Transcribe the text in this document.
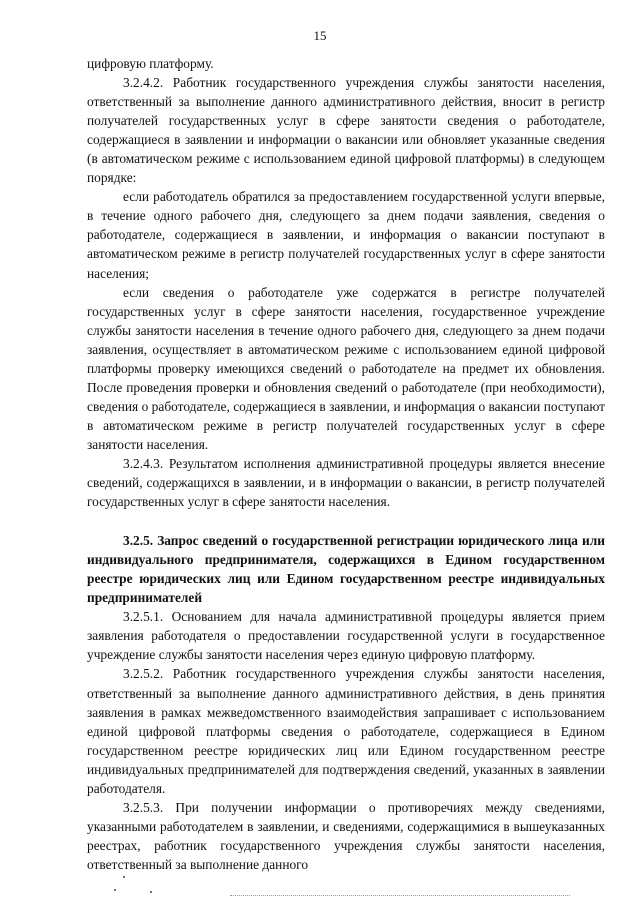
15

цифровую платформу.

3.2.4.2. Работник государственного учреждения службы занятости населения, ответственный за выполнение данного административного действия, вносит в регистр получателей государственных услуг в сфере занятости сведения о работодателе, содержащиеся в заявлении и информации о вакансии или обновляет указанные сведения (в автоматическом режиме с использованием единой цифровой платформы) в следующем порядке:

если работодатель обратился за предоставлением государственной услуги впервые, в течение одного рабочего дня, следующего за днем подачи заявления, сведения о работодателе, содержащиеся в заявлении, и информация о вакансии поступают в автоматическом режиме в регистр получателей государственных услуг в сфере занятости населения;

если сведения о работодателе уже содержатся в регистре получателей государственных услуг в сфере занятости населения, государственное учреждение службы занятости населения в течение одного рабочего дня, следующего за днем подачи заявления, осуществляет в автоматическом режиме с использованием единой цифровой платформы проверку имеющихся сведений о работодателе на предмет их обновления. После проведения проверки и обновления сведений о работодателе (при необходимости), сведения о работодателе, содержащиеся в заявлении, и информация о вакансии поступают в автоматическом режиме в регистр получателей государственных услуг в сфере занятости населения.

3.2.4.3. Результатом исполнения административной процедуры является внесение сведений, содержащихся в заявлении, и в информации о вакансии, в регистр получателей государственных услуг в сфере занятости населения.

3.2.5. Запрос сведений о государственной регистрации юридического лица или индивидуального предпринимателя, содержащихся в Едином государственном реестре юридических лиц или Едином государственном реестре индивидуальных предпринимателей

3.2.5.1. Основанием для начала административной процедуры является прием заявления работодателя о предоставлении государственной услуги в государственное учреждение службы занятости населения через единую цифровую платформу.

3.2.5.2. Работник государственного учреждения службы занятости населения, ответственный за выполнение данного административного действия, в день принятия заявления в рамках межведомственного взаимодействия запрашивает с использованием единой цифровой платформы сведения о работодателе, содержащиеся в Едином государственном реестре юридических лиц или Едином государственном реестре индивидуальных предпринимателей для подтверждения сведений, указанных в заявлении работодателя.

3.2.5.3. При получении информации о противоречиях между сведениями, указанными работодателем в заявлении, и сведениями, содержащимися в вышеуказанных реестрах, работник государственного учреждения службы занятости населения, ответственный за выполнение данного
